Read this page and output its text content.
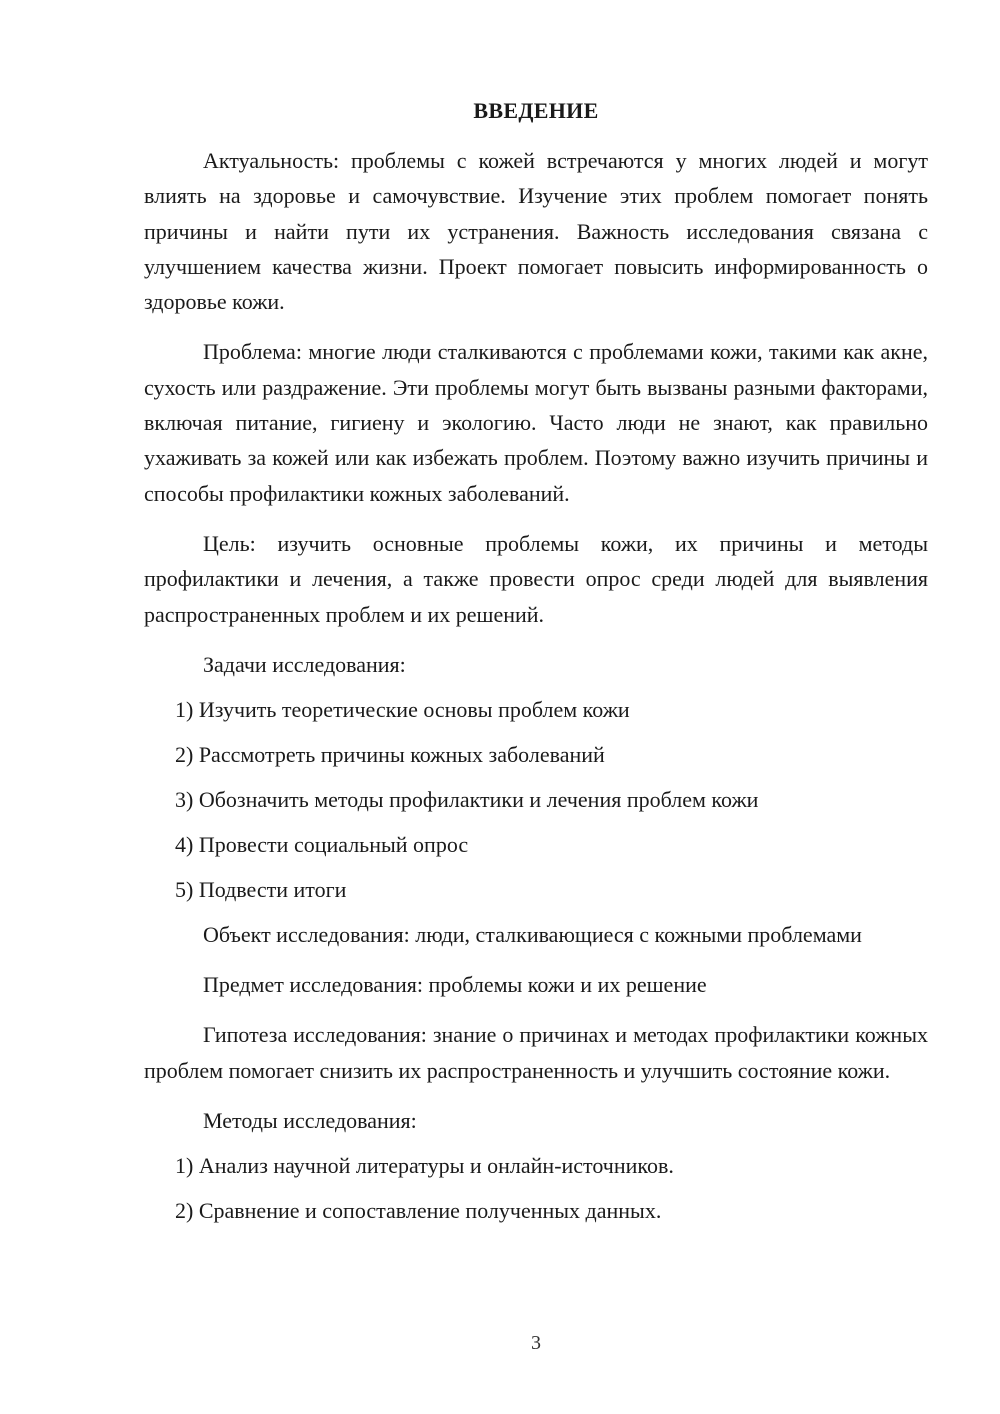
ВВЕДЕНИЕ

Актуальность: проблемы с кожей встречаются у многих людей и могут влиять на здоровье и самочувствие. Изучение этих проблем помогает понять причины и найти пути их устранения. Важность исследования связана с улучшением качества жизни. Проект помогает повысить информированность о здоровье кожи.

Проблема: многие люди сталкиваются с проблемами кожи, такими как акне, сухость или раздражение. Эти проблемы могут быть вызваны разными факторами, включая питание, гигиену и экологию. Часто люди не знают, как правильно ухаживать за кожей или как избежать проблем. Поэтому важно изучить причины и способы профилактики кожных заболеваний.

Цель: изучить основные проблемы кожи, их причины и методы профилактики и лечения, а также провести опрос среди людей для выявления распространенных проблем и их решений.

Задачи исследования:
1) Изучить теоретические основы проблем кожи
2) Рассмотреть причины кожных заболеваний
3) Обозначить методы профилактики и лечения проблем кожи
4) Провести социальный опрос
5) Подвести итоги

Объект исследования: люди, сталкивающиеся с кожными проблемами

Предмет исследования: проблемы кожи и их решение

Гипотеза исследования: знание о причинах и методах профилактики кожных проблем помогает снизить их распространенность и улучшить состояние кожи.

Методы исследования:
1) Анализ научной литературы и онлайн-источников.
2) Сравнение и сопоставление полученных данных.
3
